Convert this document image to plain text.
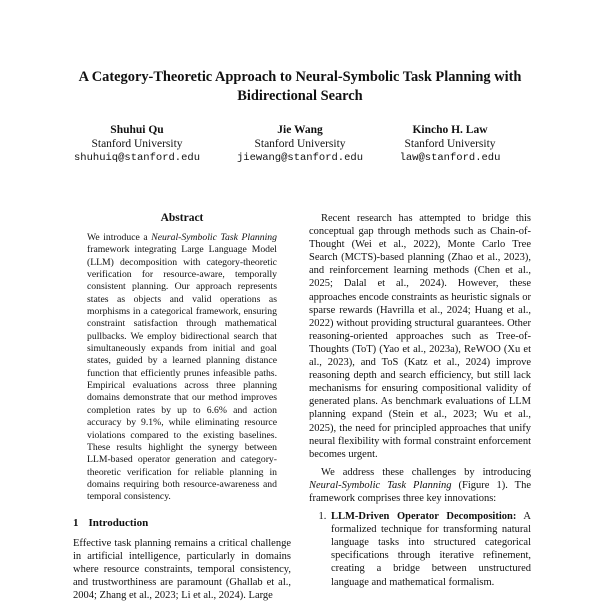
A Category-Theoretic Approach to Neural-Symbolic Task Planning with Bidirectional Search
Shuhui Qu
Stanford University
shuhuiq@stanford.edu
Jie Wang
Stanford University
jiewang@stanford.edu
Kincho H. Law
Stanford University
law@stanford.edu
Abstract

We introduce a Neural-Symbolic Task Planning framework integrating Large Language Model (LLM) decomposition with category-theoretic verification for resource-aware, temporally consistent planning. Our approach represents states as objects and valid operations as morphisms in a categorical framework, ensuring constraint satisfaction through mathematical pullbacks. We employ bidirectional search that simultaneously expands from initial and goal states, guided by a learned planning distance function that efficiently prunes infeasible paths. Empirical evaluations across three planning domains demonstrate that our method improves completion rates by up to 6.6% and action accuracy by 9.1%, while eliminating resource violations compared to the existing baselines. These results highlight the synergy between LLM-based operator generation and category-theoretic verification for reliable planning in domains requiring both resource-awareness and temporal consistency.

1 Introduction

Effective task planning remains a critical challenge in artificial intelligence, particularly in domains where resource constraints, temporal consistency, and trustworthiness are paramount (Ghallab et al., 2004; Zhang et al., 2023; Li et al., 2024). Large

Recent research has attempted to bridge this conceptual gap through methods such as Chain-of-Thought (Wei et al., 2022), Monte Carlo Tree Search (MCTS)-based planning (Zhao et al., 2023), and reinforcement learning methods (Chen et al., 2025; Dalal et al., 2024). However, these approaches encode constraints as heuristic signals or sparse rewards (Havrilla et al., 2024; Huang et al., 2022) without providing structural guarantees. Other reasoning-oriented approaches such as Tree-of-Thoughts (ToT) (Yao et al., 2023a), ReWOO (Xu et al., 2023), and ToS (Katz et al., 2024) improve reasoning depth and search efficiency, but still lack mechanisms for ensuring compositional validity of generated plans. As benchmark evaluations of LLM planning expand (Stein et al., 2023; Wu et al., 2025), the need for principled approaches that unify neural flexibility with formal constraint enforcement becomes urgent.

We address these challenges by introducing Neural-Symbolic Task Planning (Figure 1). The framework comprises three key innovations:

1. LLM-Driven Operator Decomposition: A formalized technique for transforming natural language tasks into structured categorical specifications through iterative refinement, creating a bridge between unstructured language and mathematical formalism.
